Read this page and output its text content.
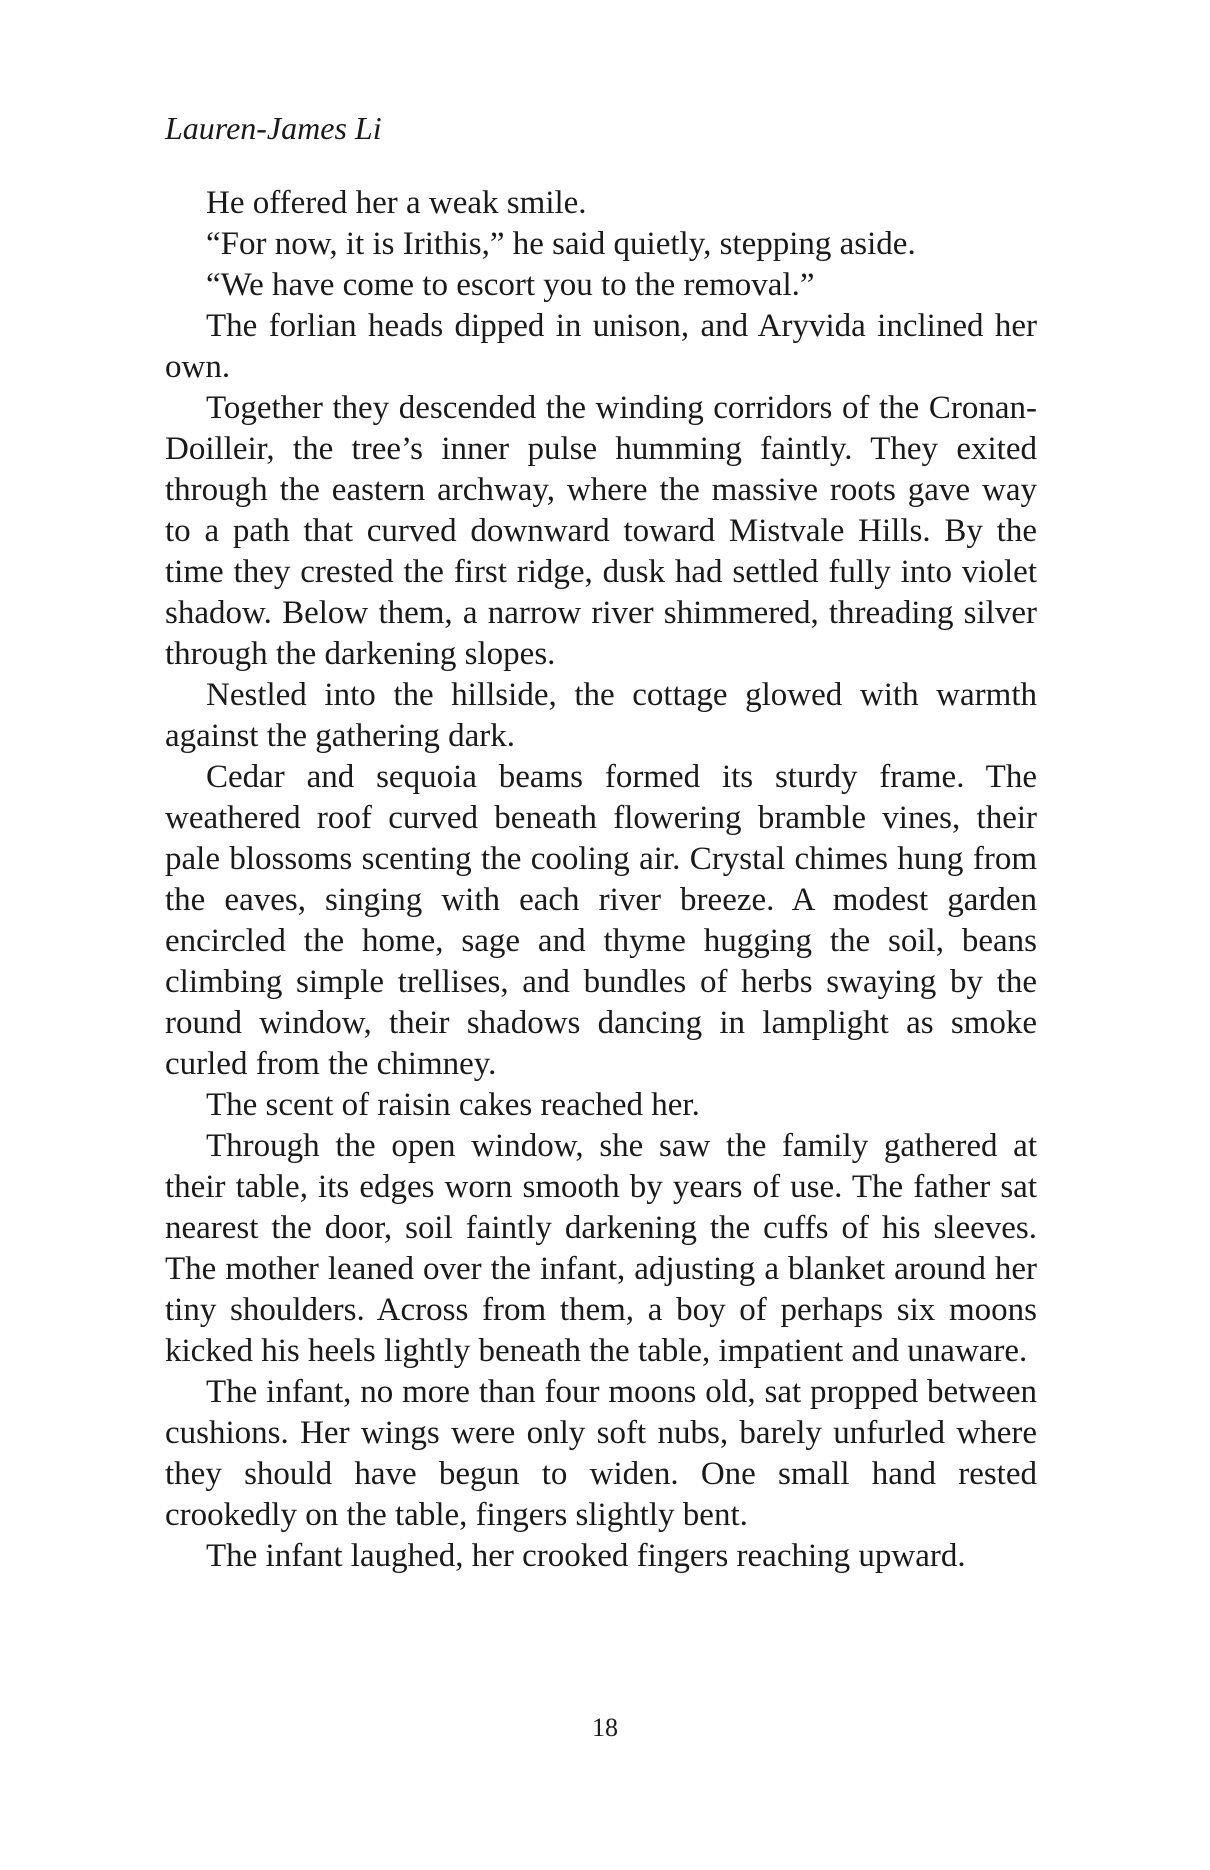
Lauren-James Li

He offered her a weak smile.

“For now, it is Irithis,” he said quietly, stepping aside.

“We have come to escort you to the removal.”

The forlian heads dipped in unison, and Aryvida inclined her own.

Together they descended the winding corridors of the Cronan-Doilleir, the tree’s inner pulse humming faintly. They exited through the eastern archway, where the massive roots gave way to a path that curved downward toward Mistvale Hills. By the time they crested the first ridge, dusk had settled fully into violet shadow. Below them, a narrow river shimmered, threading silver through the darkening slopes.

Nestled into the hillside, the cottage glowed with warmth against the gathering dark.

Cedar and sequoia beams formed its sturdy frame. The weathered roof curved beneath flowering bramble vines, their pale blossoms scenting the cooling air. Crystal chimes hung from the eaves, singing with each river breeze. A modest garden encircled the home, sage and thyme hugging the soil, beans climbing simple trellises, and bundles of herbs swaying by the round window, their shadows dancing in lamplight as smoke curled from the chimney.

The scent of raisin cakes reached her.

Through the open window, she saw the family gathered at their table, its edges worn smooth by years of use. The father sat nearest the door, soil faintly darkening the cuffs of his sleeves. The mother leaned over the infant, adjusting a blanket around her tiny shoulders. Across from them, a boy of perhaps six moons kicked his heels lightly beneath the table, impatient and unaware.

The infant, no more than four moons old, sat propped between cushions. Her wings were only soft nubs, barely unfurled where they should have begun to widen. One small hand rested crookedly on the table, fingers slightly bent.

The infant laughed, her crooked fingers reaching upward.

18
